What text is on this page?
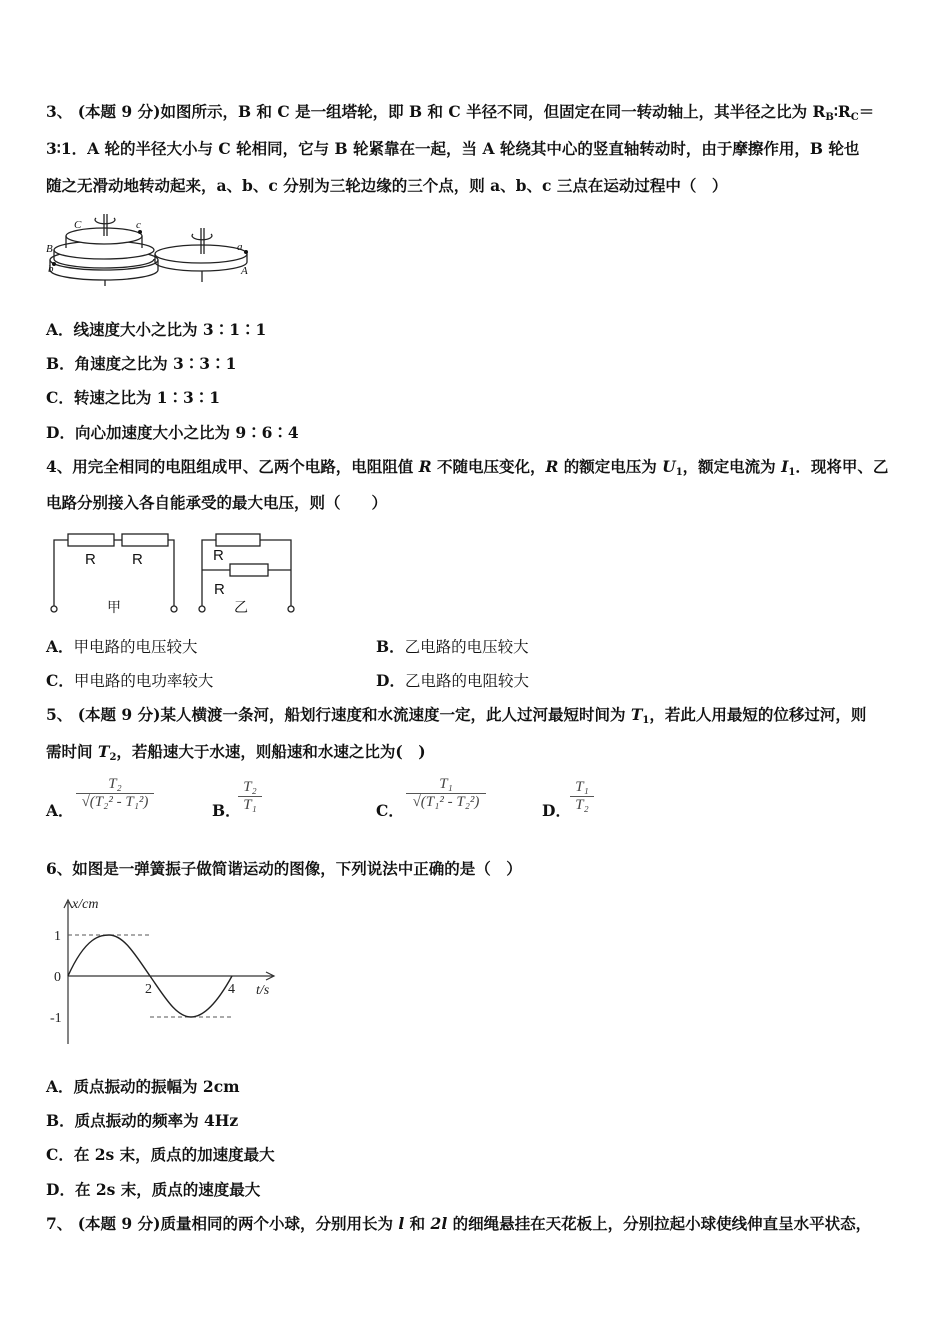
3、 (本题 9 分)如图所示，B 和 C 是一组塔轮，即 B 和 C 半径不同，但固定在同一转动轴上，其半径之比为 $R_B∶R_C=$
3∶1．A 轮的半径大小与 C 轮相同，它与 B 轮紧靠在一起，当 A 轮绕其中心的竖直轴转动时，由于摩擦作用，B 轮也
随之无滑动地转动起来，a、b、c 分别为三轮边缘的三个点，则 a、b、c 三点在运动过程中（　）
C	c
B
b
a
A
A．线速度大小之比为 3∶1∶1
B．角速度之比为 3∶3∶1
C．转速之比为 1∶3∶1
D．向心加速度大小之比为 9∶6∶4
4、用完全相同的电阻组成甲、乙两个电路，电阻阻值 R 不随电压变化，R 的额定电压为 $U_1$，额定电流为 $I_1$．现将甲、乙
电路分别接入各自能承受的最大电压，则（　　）
R R
甲
R
R
乙
A．甲电路的电压较大	B．乙电路的电压较大
C．甲电路的电功率较大	D．乙电路的电阻较大
5、 (本题 9 分)某人横渡一条河，船划行速度和水流速度一定，此人过河最短时间为 $T_1$，若此人用最短的位移过河，则
需时间 $T_2$，若船速大于水速，则船速和水速之比为(　)
A． $\frac{\text{T₂}}{\text{√(T₂² - T₁²)}}$	B．
$\frac{\text{T₂}}{\text{T₁}}$	C． $\frac{\text{T₁}}{\text{√(T₁² - T₂²)}}$	D． $\frac{\text{T₁}}{\text{T₂}}$
6、如图是一弹簧振子做简谐运动的图像，下列说法中正确的是（　）
x/cm
t/s
1
0
-1
2	4
A．质点振动的振幅为 2cm
B．质点振动的频率为 4Hz
C．在 2s 末，质点的加速度最大
D．在 2s 末，质点的速度最大
7、 (本题 9 分)质量相同的两个小球，分别用长为 l 和 2l 的细绳悬挂在天花板上，分别拉起小球使线伸直呈水平状态，
